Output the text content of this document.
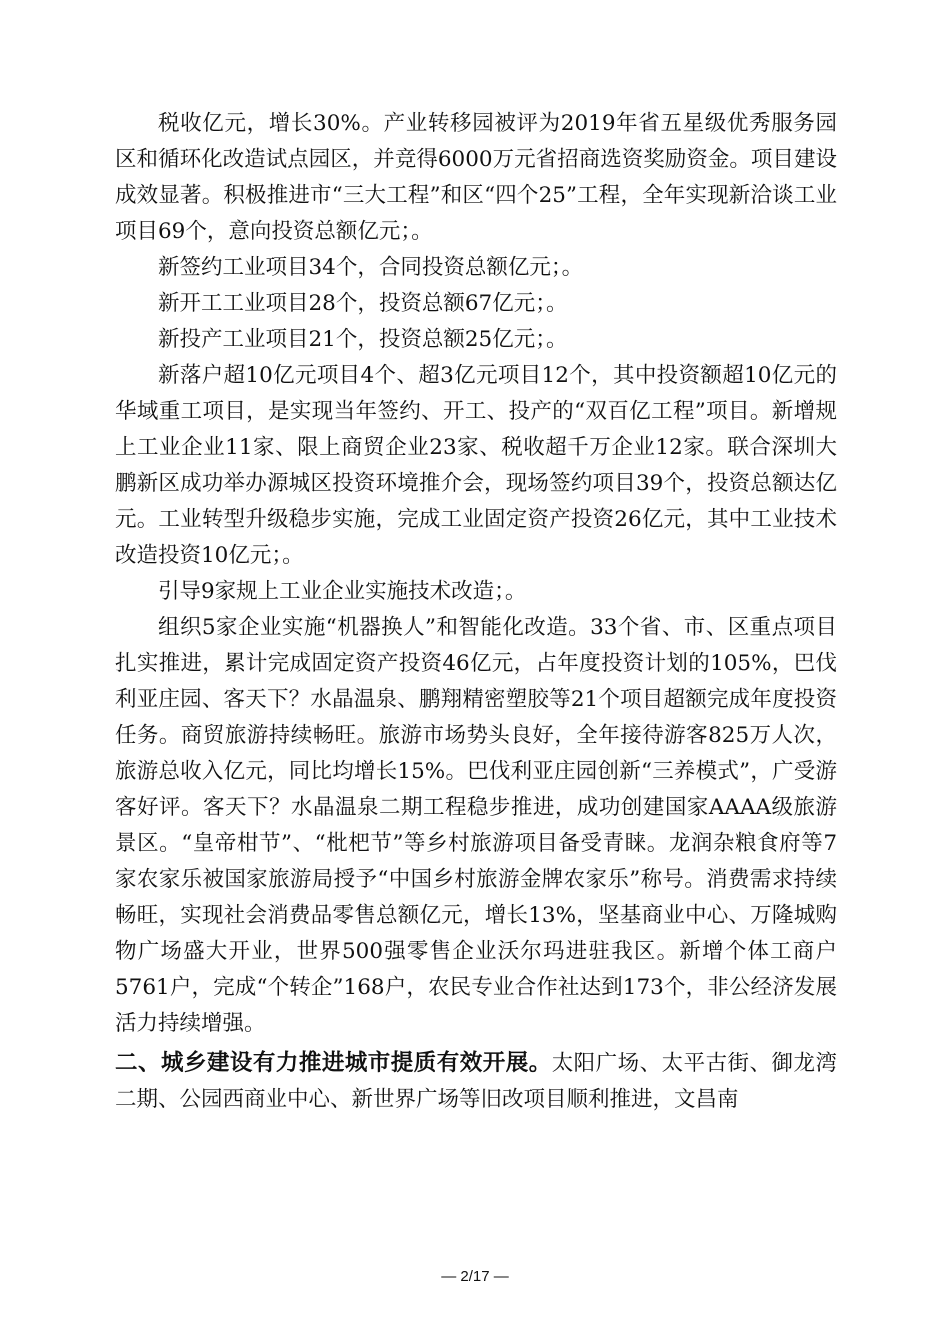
税收亿元，增长30%。产业转移园被评为2019年省五星级优秀服务园区和循环化改造试点园区，并竞得6000万元省招商选资奖励资金。项目建设成效显著。积极推进市“三大工程”和区“四个25”工程，全年实现新洽谈工业项目69个，意向投资总额亿元；。

新签约工业项目34个，合同投资总额亿元；。

新开工工业项目28个，投资总额67亿元；。

新投产工业项目21个，投资总额25亿元；。

新落户超10亿元项目4个、超3亿元项目12个，其中投资额超10亿元的华域重工项目，是实现当年签约、开工、投产的“双百亿工程”项目。新增规上工业企业11家、限上商贸企业23家、税收超千万企业12家。联合深圳大鹏新区成功举办源城区投资环境推介会，现场签约项目39个，投资总额达亿元。工业转型升级稳步实施，完成工业固定资产投资26亿元，其中工业技术改造投资10亿元；。

引导9家规上工业企业实施技术改造；。

组织5家企业实施“机器换人”和智能化改造。33个省、市、区重点项目扎实推进，累计完成固定资产投资46亿元，占年度投资计划的105%，巴伐利亚庄园、客天下？水晶温泉、鹏翔精密塑胶等21个项目超额完成年度投资任务。商贸旅游持续畅旺。旅游市场势头良好，全年接待游客825万人次，旅游总收入亿元，同比均增长15%。巴伐利亚庄园创新“三养模式”，广受游客好评。客天下？水晶温泉二期工程稳步推进，成功创建国家AAAA级旅游景区。“皇帝柑节”、“枇杷节”等乡村旅游项目备受青睐。龙润杂粮食府等7家农家乐被国家旅游局授予“中国乡村旅游金牌农家乐”称号。消费需求持续畅旺，实现社会消费品零售总额亿元，增长13%，坚基商业中心、万隆城购物广场盛大开业，世界500强零售企业沃尔玛进驻我区。新增个体工商户5761户，完成“个转企”168户，农民专业合作社达到173个，非公经济发展活力持续增强。

二、城乡建设有力推进城市提质有效开展。太阳广场、太平古街、御龙湾二期、公园西商业中心、新世界广场等旧改项目顺利推进，文昌南

— 2/17 —
